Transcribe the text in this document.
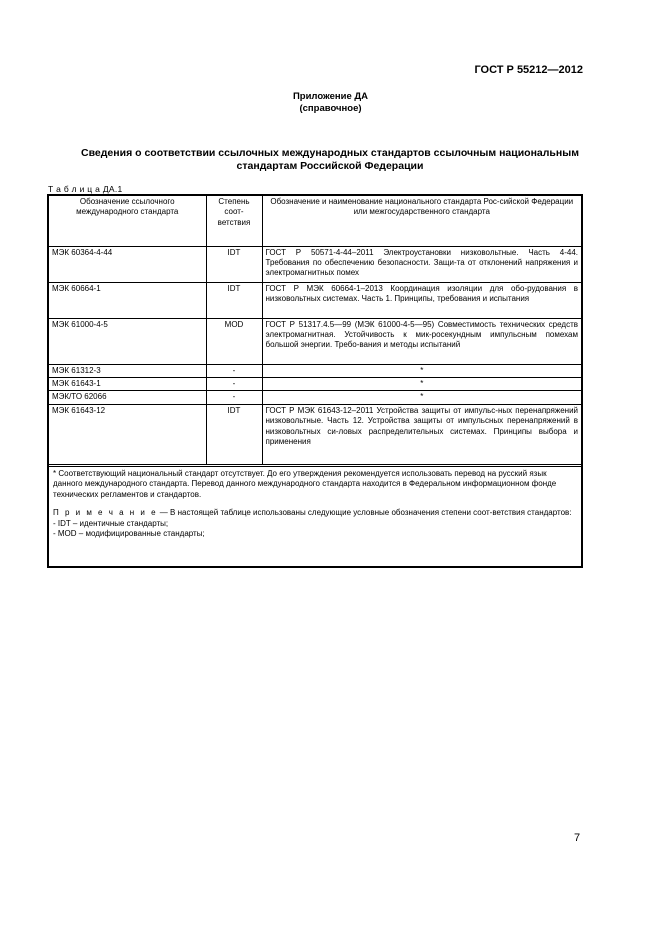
ГОСТ Р 55212—2012
Приложение ДА
(справочное)
Сведения о соответствии ссылочных международных стандартов ссылочным национальным
стандартам Российской Федерации
Т а б л и ц а ДА.1
Обозначение ссылочного международного стандарта	Степень соот-ветствия	Обозначение и наименование национального стандарта Рос-сийской Федерации или межгосударственного стандарта
МЭК 60364-4-44	IDT	ГОСТ Р 50571-4-44–2011 Электроустановки низковольтные. Часть 4-44. Требования по обеспечению безопасности. Защи-та от отклонений напряжения и электромагнитных помех
МЭК 60664-1	IDT	ГОСТ Р МЭК 60664-1–2013 Координация изоляции для обо-рудования в низковольтных системах. Часть 1. Принципы, требования и испытания
МЭК 61000-4-5	MOD	ГОСТ Р 51317.4.5—99 (МЭК 61000-4-5—95) Совместимость технических средств электромагнитная. Устойчивость к мик-росекундным импульсным помехам большой энергии. Требо-вания и методы испытаний
МЭК 61312-3	-	*
МЭК 61643-1	-	*
МЭК/ТО 62066	-	*
МЭК 61643-12	IDT	ГОСТ Р МЭК 61643-12–2011 Устройства защиты от импульс-ных перенапряжений низковольтные. Часть 12. Устройства защиты от импульсных перенапряжений в низковольтных си-ловых распределительных системах. Принципы выбора и применения

* Соответствующий национальный стандарт отсутствует. До его утверждения рекомендуется использовать перевод на русский язык данного международного стандарта. Перевод данного международного стандарта находится в Федеральном информационном фонде технических регламентов и стандартов.

П р и м е ч а н и е — В настоящей таблице использованы следующие условные обозначения степени соот-ветствия стандартов:

- IDT – идентичные стандарты;

- MOD – модифицированные стандарты;

7
